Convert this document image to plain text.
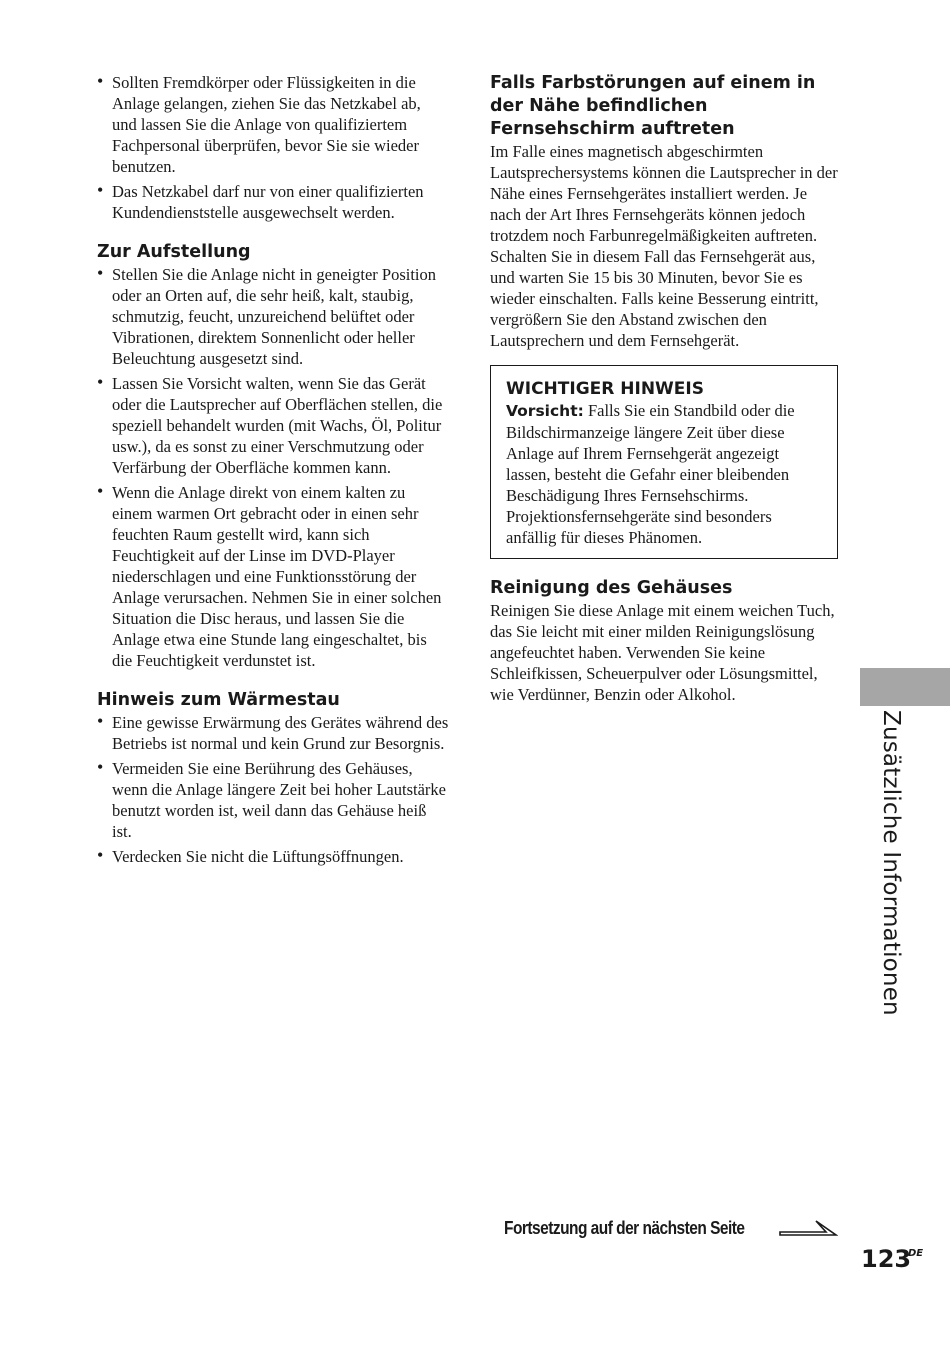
• Sollten Fremdkörper oder Flüssigkeiten in die Anlage gelangen, ziehen Sie das Netzkabel ab, und lassen Sie die Anlage von qualifiziertem Fachpersonal überprüfen, bevor Sie sie wieder benutzen.
• Das Netzkabel darf nur von einer qualifizierten Kundendienststelle ausgewechselt werden.
Zur Aufstellung
• Stellen Sie die Anlage nicht in geneigter Position oder an Orten auf, die sehr heiß, kalt, staubig, schmutzig, feucht, unzureichend belüftet oder Vibrationen, direktem Sonnenlicht oder heller Beleuchtung ausgesetzt sind.
• Lassen Sie Vorsicht walten, wenn Sie das Gerät oder die Lautsprecher auf Oberflächen stellen, die speziell behandelt wurden (mit Wachs, Öl, Politur usw.), da es sonst zu einer Verschmutzung oder Verfärbung der Oberfläche kommen kann.
• Wenn die Anlage direkt von einem kalten zu einem warmen Ort gebracht oder in einen sehr feuchten Raum gestellt wird, kann sich Feuchtigkeit auf der Linse im DVD-Player niederschlagen und eine Funktionsstörung der Anlage verursachen. Nehmen Sie in einer solchen Situation die Disc heraus, und lassen Sie die Anlage etwa eine Stunde lang eingeschaltet, bis die Feuchtigkeit verdunstet ist.
Hinweis zum Wärmestau
• Eine gewisse Erwärmung des Gerätes während des Betriebs ist normal und kein Grund zur Besorgnis.
• Vermeiden Sie eine Berührung des Gehäuses, wenn die Anlage längere Zeit bei hoher Lautstärke benutzt worden ist, weil dann das Gehäuse heiß ist.
• Verdecken Sie nicht die Lüftungsöffnungen.
Falls Farbstörungen auf einem in der Nähe befindlichen Fernsehschirm auftreten

Im Falle eines magnetisch abgeschirmten Lautsprechersystems können die Lautsprecher in der Nähe eines Fernsehgerätes installiert werden. Je nach der Art Ihres Fernsehgeräts können jedoch trotzdem noch Farbunregelmäßigkeiten auftreten. Schalten Sie in diesem Fall das Fernsehgerät aus, und warten Sie 15 bis 30 Minuten, bevor Sie es wieder einschalten. Falls keine Besserung eintritt, vergrößern Sie den Abstand zwischen den Lautsprechern und dem Fernsehgerät.

WICHTIGER HINWEIS

Vorsicht: Falls Sie ein Standbild oder die Bildschirmanzeige längere Zeit über diese Anlage auf Ihrem Fernsehgerät angezeigt lassen, besteht die Gefahr einer bleibenden Beschädigung Ihres Fernsehschirms. Projektionsfernsehgeräte sind besonders anfällig für dieses Phänomen.

Reinigung des Gehäuses

Reinigen Sie diese Anlage mit einem weichen Tuch, das Sie leicht mit einer milden Reinigungslösung angefeuchtet haben. Verwenden Sie keine Schleifkissen, Scheuerpulver oder Lösungsmittel, wie Verdünner, Benzin oder Alkohol.

Zusätzliche Informationen
Fortsetzung auf der nächsten Seite
123
DE
